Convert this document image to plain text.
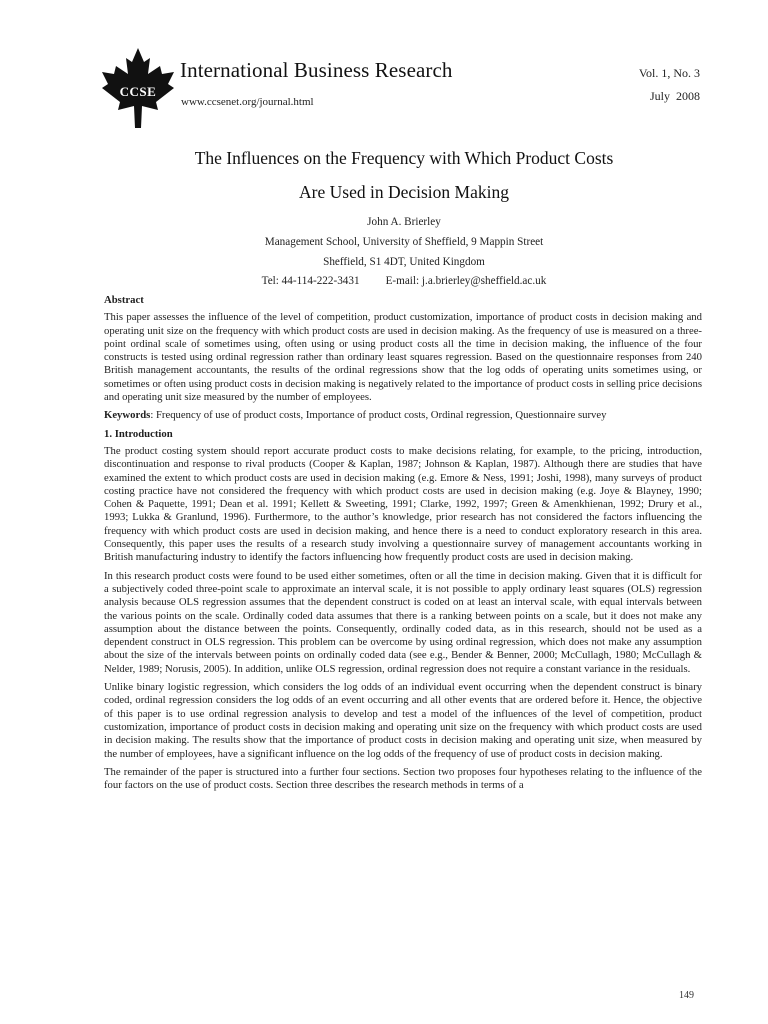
CCSE
International Business Research
www.ccsenet.org/journal.html
Vol. 1, No. 3
July  2008
The Influences on the Frequency with Which Product Costs
Are Used in Decision Making
John A. Brierley
Management School, University of Sheffield, 9 Mappin Street
Sheffield, S1 4DT, United Kingdom
Tel: 44-114-222-3431 E-mail: j.a.brierley@sheffield.ac.uk
Abstract

This paper assesses the influence of the level of competition, product customization, importance of product costs in decision making and operating unit size on the frequency with which product costs are used in decision making. As the frequency of use is measured on a three-point ordinal scale of sometimes using, often using or using product costs all the time in decision making, the influence of the four constructs is tested using ordinal regression rather than ordinary least squares regression. Based on the questionnaire responses from 240 British management accountants, the results of the ordinal regressions show that the log odds of operating units sometimes using, or sometimes or often using product costs in decision making is negatively related to the importance of product costs in selling price decisions and operating unit size measured by the number of employees.

Keywords: Frequency of use of product costs, Importance of product costs, Ordinal regression, Questionnaire survey

1. Introduction

The product costing system should report accurate product costs to make decisions relating, for example, to the pricing, introduction, discontinuation and response to rival products (Cooper & Kaplan, 1987; Johnson & Kaplan, 1987). Although there are studies that have examined the extent to which product costs are used in decision making (e.g. Emore & Ness, 1991; Joshi, 1998), many surveys of product costing practice have not considered the frequency with which product costs are used in decision making (e.g. Joye & Blayney, 1990; Cohen & Paquette, 1991; Dean et al. 1991; Kellett & Sweeting, 1991; Clarke, 1992, 1997; Green & Amenkhienan, 1992; Drury et al., 1993; Lukka & Granlund, 1996). Furthermore, to the author’s knowledge, prior research has not considered the factors influencing the frequency with which product costs are used in decision making, and hence there is a need to conduct exploratory research in this area. Consequently, this paper uses the results of a research study involving a questionnaire survey of management accountants working in British manufacturing industry to identify the factors influencing how frequently product costs are used in decision making.

In this research product costs were found to be used either sometimes, often or all the time in decision making. Given that it is difficult for a subjectively coded three-point scale to approximate an interval scale, it is not possible to apply ordinary least squares (OLS) regression analysis because OLS regression assumes that the dependent construct is coded on at least an interval scale, with equal intervals between the various points on the scale. Ordinally coded data assumes that there is a ranking between points on a scale, but it does not make any assumption about the distance between the points. Consequently, ordinally coded data, as in this research, should not be used as a dependent construct in OLS regression. This problem can be overcome by using ordinal regression, which does not make any assumption about the size of the intervals between points on ordinally coded data (see e.g., Bender & Benner, 2000; McCullagh, 1980; McCullagh & Nelder, 1989; Norusis, 2005). In addition, unlike OLS regression, ordinal regression does not require a constant variance in the residuals.

Unlike binary logistic regression, which considers the log odds of an individual event occurring when the dependent construct is binary coded, ordinal regression considers the log odds of an event occurring and all other events that are ordered before it. Hence, the objective of this paper is to use ordinal regression analysis to develop and test a model of the influences of the level of competition, product customization, importance of product costs in decision making and operating unit size on the frequency with which product costs are used in decision making. The results show that the importance of product costs in decision making and operating unit size, when measured by the number of employees, have a significant influence on the log odds of the frequency of use of product costs in decision making.

The remainder of the paper is structured into a further four sections. Section two proposes four hypotheses relating to the influence of the four factors on the use of product costs. Section three describes the research methods in terms of a

149
